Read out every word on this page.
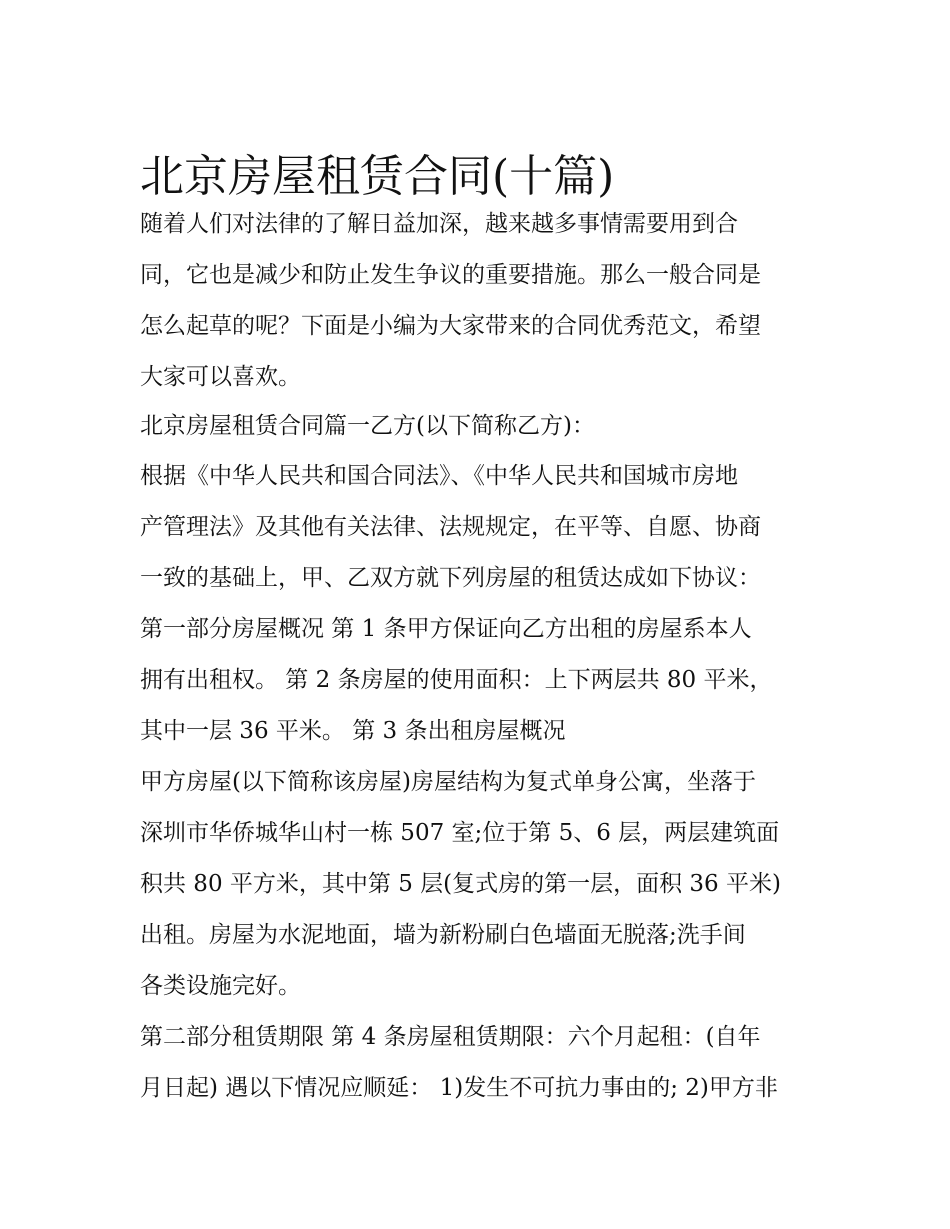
北京房屋租赁合同(十篇)
随着人们对法律的了解日益加深，越来越多事情需要用到合
同，它也是减少和防止发生争议的重要措施。那么一般合同是
怎么起草的呢？下面是小编为大家带来的合同优秀范文，希望
大家可以喜欢。
北京房屋租赁合同篇一乙方(以下简称乙方)：
根据《中华人民共和国合同法》、《中华人民共和国城市房地
产管理法》及其他有关法律、法规规定，在平等、自愿、协商
一致的基础上，甲、乙双方就下列房屋的租赁达成如下协议：
第一部分房屋概况 第 1 条甲方保证向乙方出租的房屋系本人
拥有出租权。 第 2 条房屋的使用面积：上下两层共 80 平米，
其中一层 36 平米。 第 3 条出租房屋概况
甲方房屋(以下简称该房屋)房屋结构为复式单身公寓，坐落于
深圳市华侨城华山村一栋 507 室;位于第 5、6 层，两层建筑面
积共 80 平方米，其中第 5 层(复式房的第一层，面积 36 平米)
出租。房屋为水泥地面，墙为新粉刷白色墙面无脱落;洗手间
各类设施完好。
第二部分租赁期限 第 4 条房屋租赁期限：六个月起租：(自年
月日起) 遇以下情况应顺延： 1)发生不可抗力事由的; 2)甲方非
